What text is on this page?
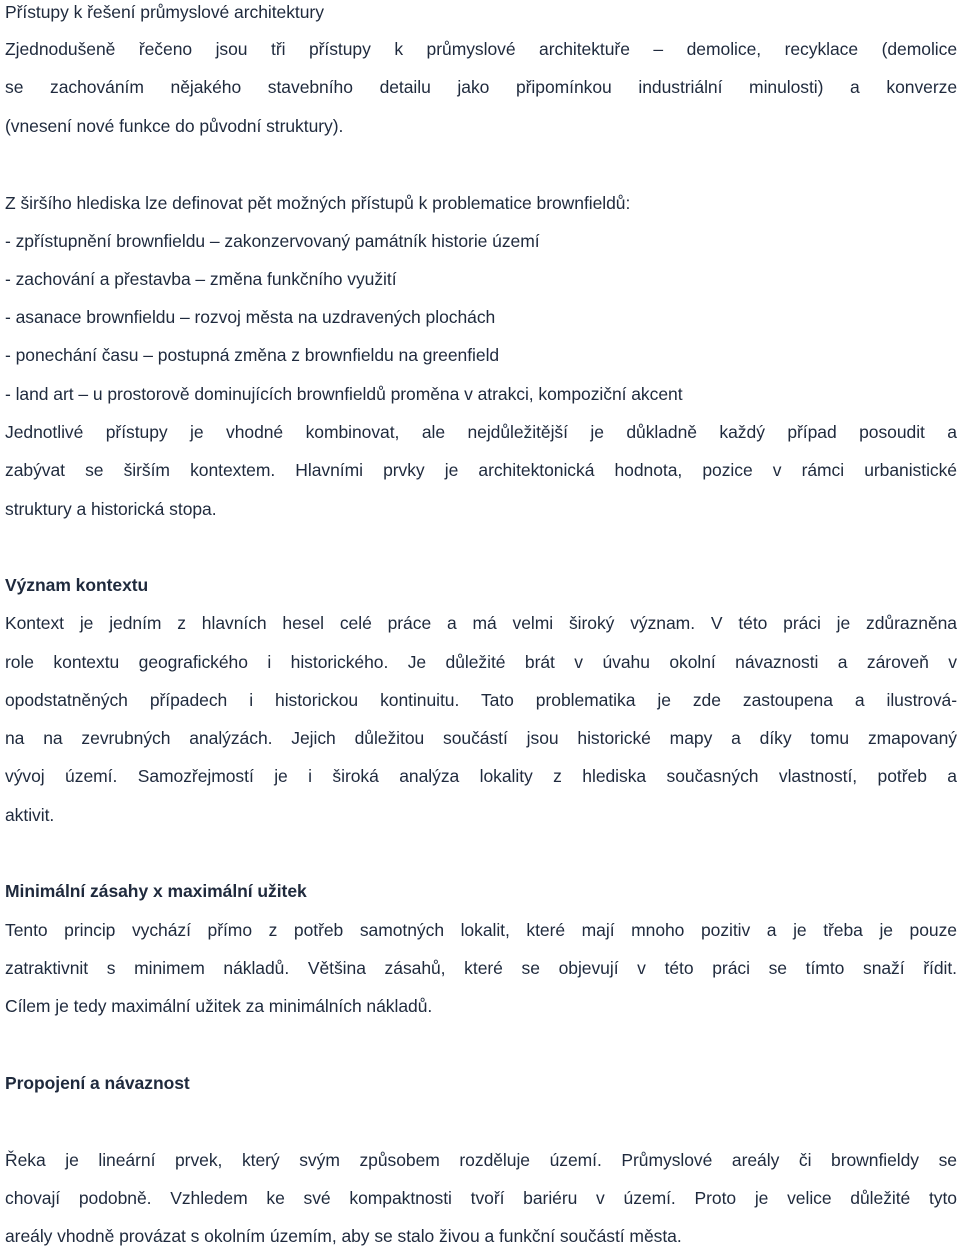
Přístupy k řešení průmyslové architektury
Zjednodušeně řečeno jsou tři přístupy k průmyslové architektuře – demolice, recyklace (demolice
se zachováním nějakého stavebního detailu jako připomínkou industriální minulosti) a konverze
(vnesení nové funkce do původní struktury).
Z širšího hlediska lze definovat pět možných přístupů k problematice brownfieldů:
- zpřístupnění brownfieldu – zakonzervovaný památník historie území
- zachování a přestavba – změna funkčního využití
- asanace brownfieldu – rozvoj města na uzdravených plochách
- ponechání času – postupná změna z brownfieldu na greenfield
- land art – u prostorově dominujících brownfieldů proměna v atrakci, kompoziční akcent
Jednotlivé přístupy je vhodné kombinovat, ale nejdůležitější je důkladně každý případ posoudit a
zabývat se širším kontextem. Hlavními prvky je architektonická hodnota, pozice v rámci urbanistické
struktury a historická stopa.
Význam kontextu
Kontext je jedním z hlavních hesel celé práce a má velmi široký význam. V této práci je zdůrazněna
role kontextu geografického i historického. Je důležité brát v úvahu okolní návaznosti a zároveň v
opodstatněných případech i historickou kontinuitu. Tato problematika je zde zastoupena a ilustrová-
na na zevrubných analýzách. Jejich důležitou součástí jsou historické mapy a díky tomu zmapovaný
vývoj území. Samozřejmostí je i široká analýza lokality z hlediska současných vlastností, potřeb a
aktivit.
Minimální zásahy x maximální užitek
Tento princip vychází přímo z potřeb samotných lokalit, které mají mnoho pozitiv a je třeba je pouze
zatraktivnit s minimem nákladů. Většina zásahů, které se objevují v této práci se tímto snaží řídit.
Cílem je tedy maximální užitek za minimálních nákladů.
Propojení a návaznost
Řeka je lineární prvek, který svým způsobem rozděluje území. Průmyslové areály či brownfieldy se
chovají podobně. Vzhledem ke své kompaktnosti tvoří bariéru v území. Proto je velice důležité tyto
areály vhodně provázat s okolním územím, aby se stalo živou a funkční součástí města.
